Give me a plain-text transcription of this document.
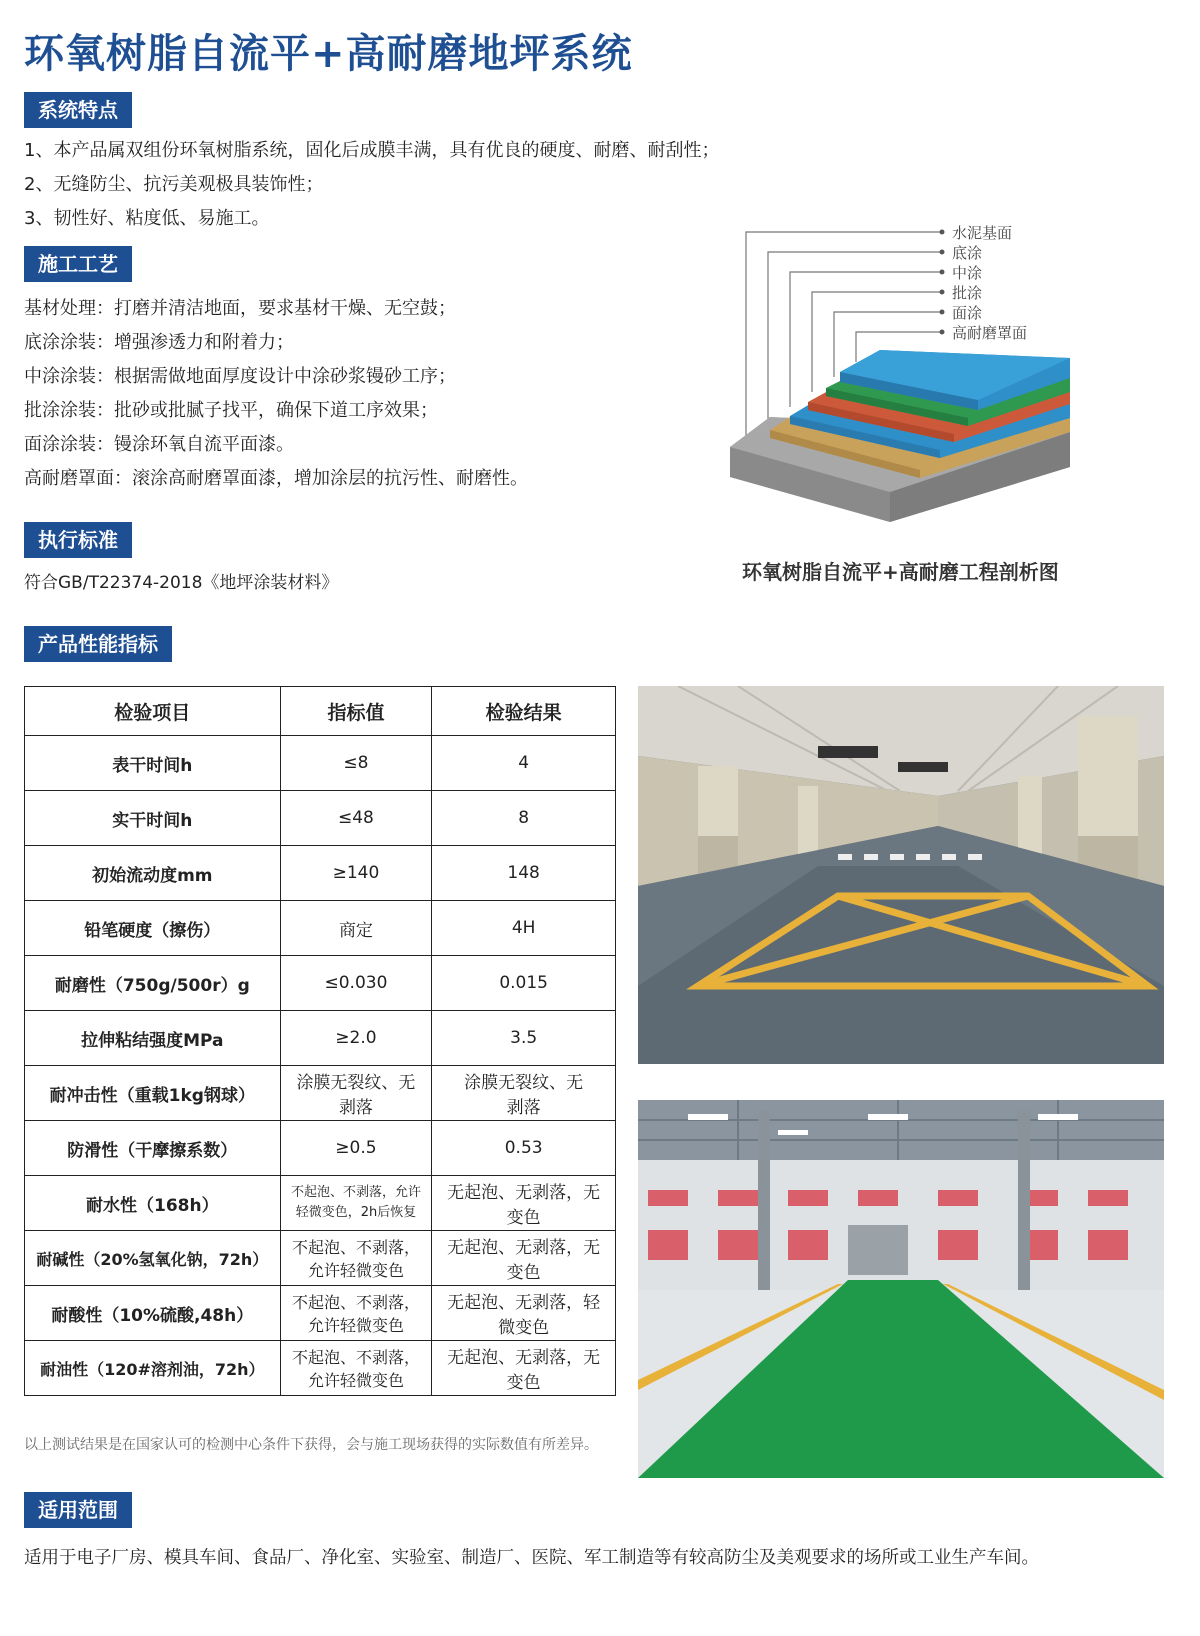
环氧树脂自流平+高耐磨地坪系统
系统特点
1、本产品属双组份环氧树脂系统，固化后成膜丰满，具有优良的硬度、耐磨、耐刮性；
2、无缝防尘、抗污美观极具装饰性；
3、韧性好、粘度低、易施工。
施工工艺
基材处理：打磨并清洁地面，要求基材干燥、无空鼓；
底涂涂装：增强渗透力和附着力；
中涂涂装：根据需做地面厚度设计中涂砂浆镘砂工序；
批涂涂装：批砂或批腻子找平，确保下道工序效果；
面涂涂装：镘涂环氧自流平面漆。
高耐磨罩面：滚涂高耐磨罩面漆，增加涂层的抗污性、耐磨性。
执行标准
符合GB/T22374-2018《地坪涂装材料》
水泥基面
底涂
中涂
批涂
面涂
高耐磨罩面
环氧树脂自流平+高耐磨工程剖析图
产品性能指标
检验项目	指标值	检验结果
表干时间h	≤8	4
实干时间h	≤48	8
初始流动度mm	≥140	148
铅笔硬度（擦伤）	商定	4H
耐磨性（750g/500r）g	≤0.030	0.015
拉伸粘结强度MPa	≥2.0	3.5
耐冲击性（重载1kg钢球）	涂膜无裂纹、无剥落	涂膜无裂纹、无剥落
防滑性（干摩擦系数）	≥0.5	0.53
耐水性（168h）	不起泡、不剥落，允许轻微变色，2h后恢复	无起泡、无剥落，无变色
耐碱性（20%氢氧化钠，72h）	不起泡、不剥落，允许轻微变色	无起泡、无剥落，无变色
耐酸性（10%硫酸,48h）	不起泡、不剥落，允许轻微变色	无起泡、无剥落，轻微变色
耐油性（120#溶剂油，72h）	不起泡、不剥落，允许轻微变色	无起泡、无剥落，无变色
以上测试结果是在国家认可的检测中心条件下获得，会与施工现场获得的实际数值有所差异。
适用范围
适用于电子厂房、模具车间、食品厂、净化室、实验室、制造厂、医院、军工制造等有较高防尘及美观要求的场所或工业生产车间。
